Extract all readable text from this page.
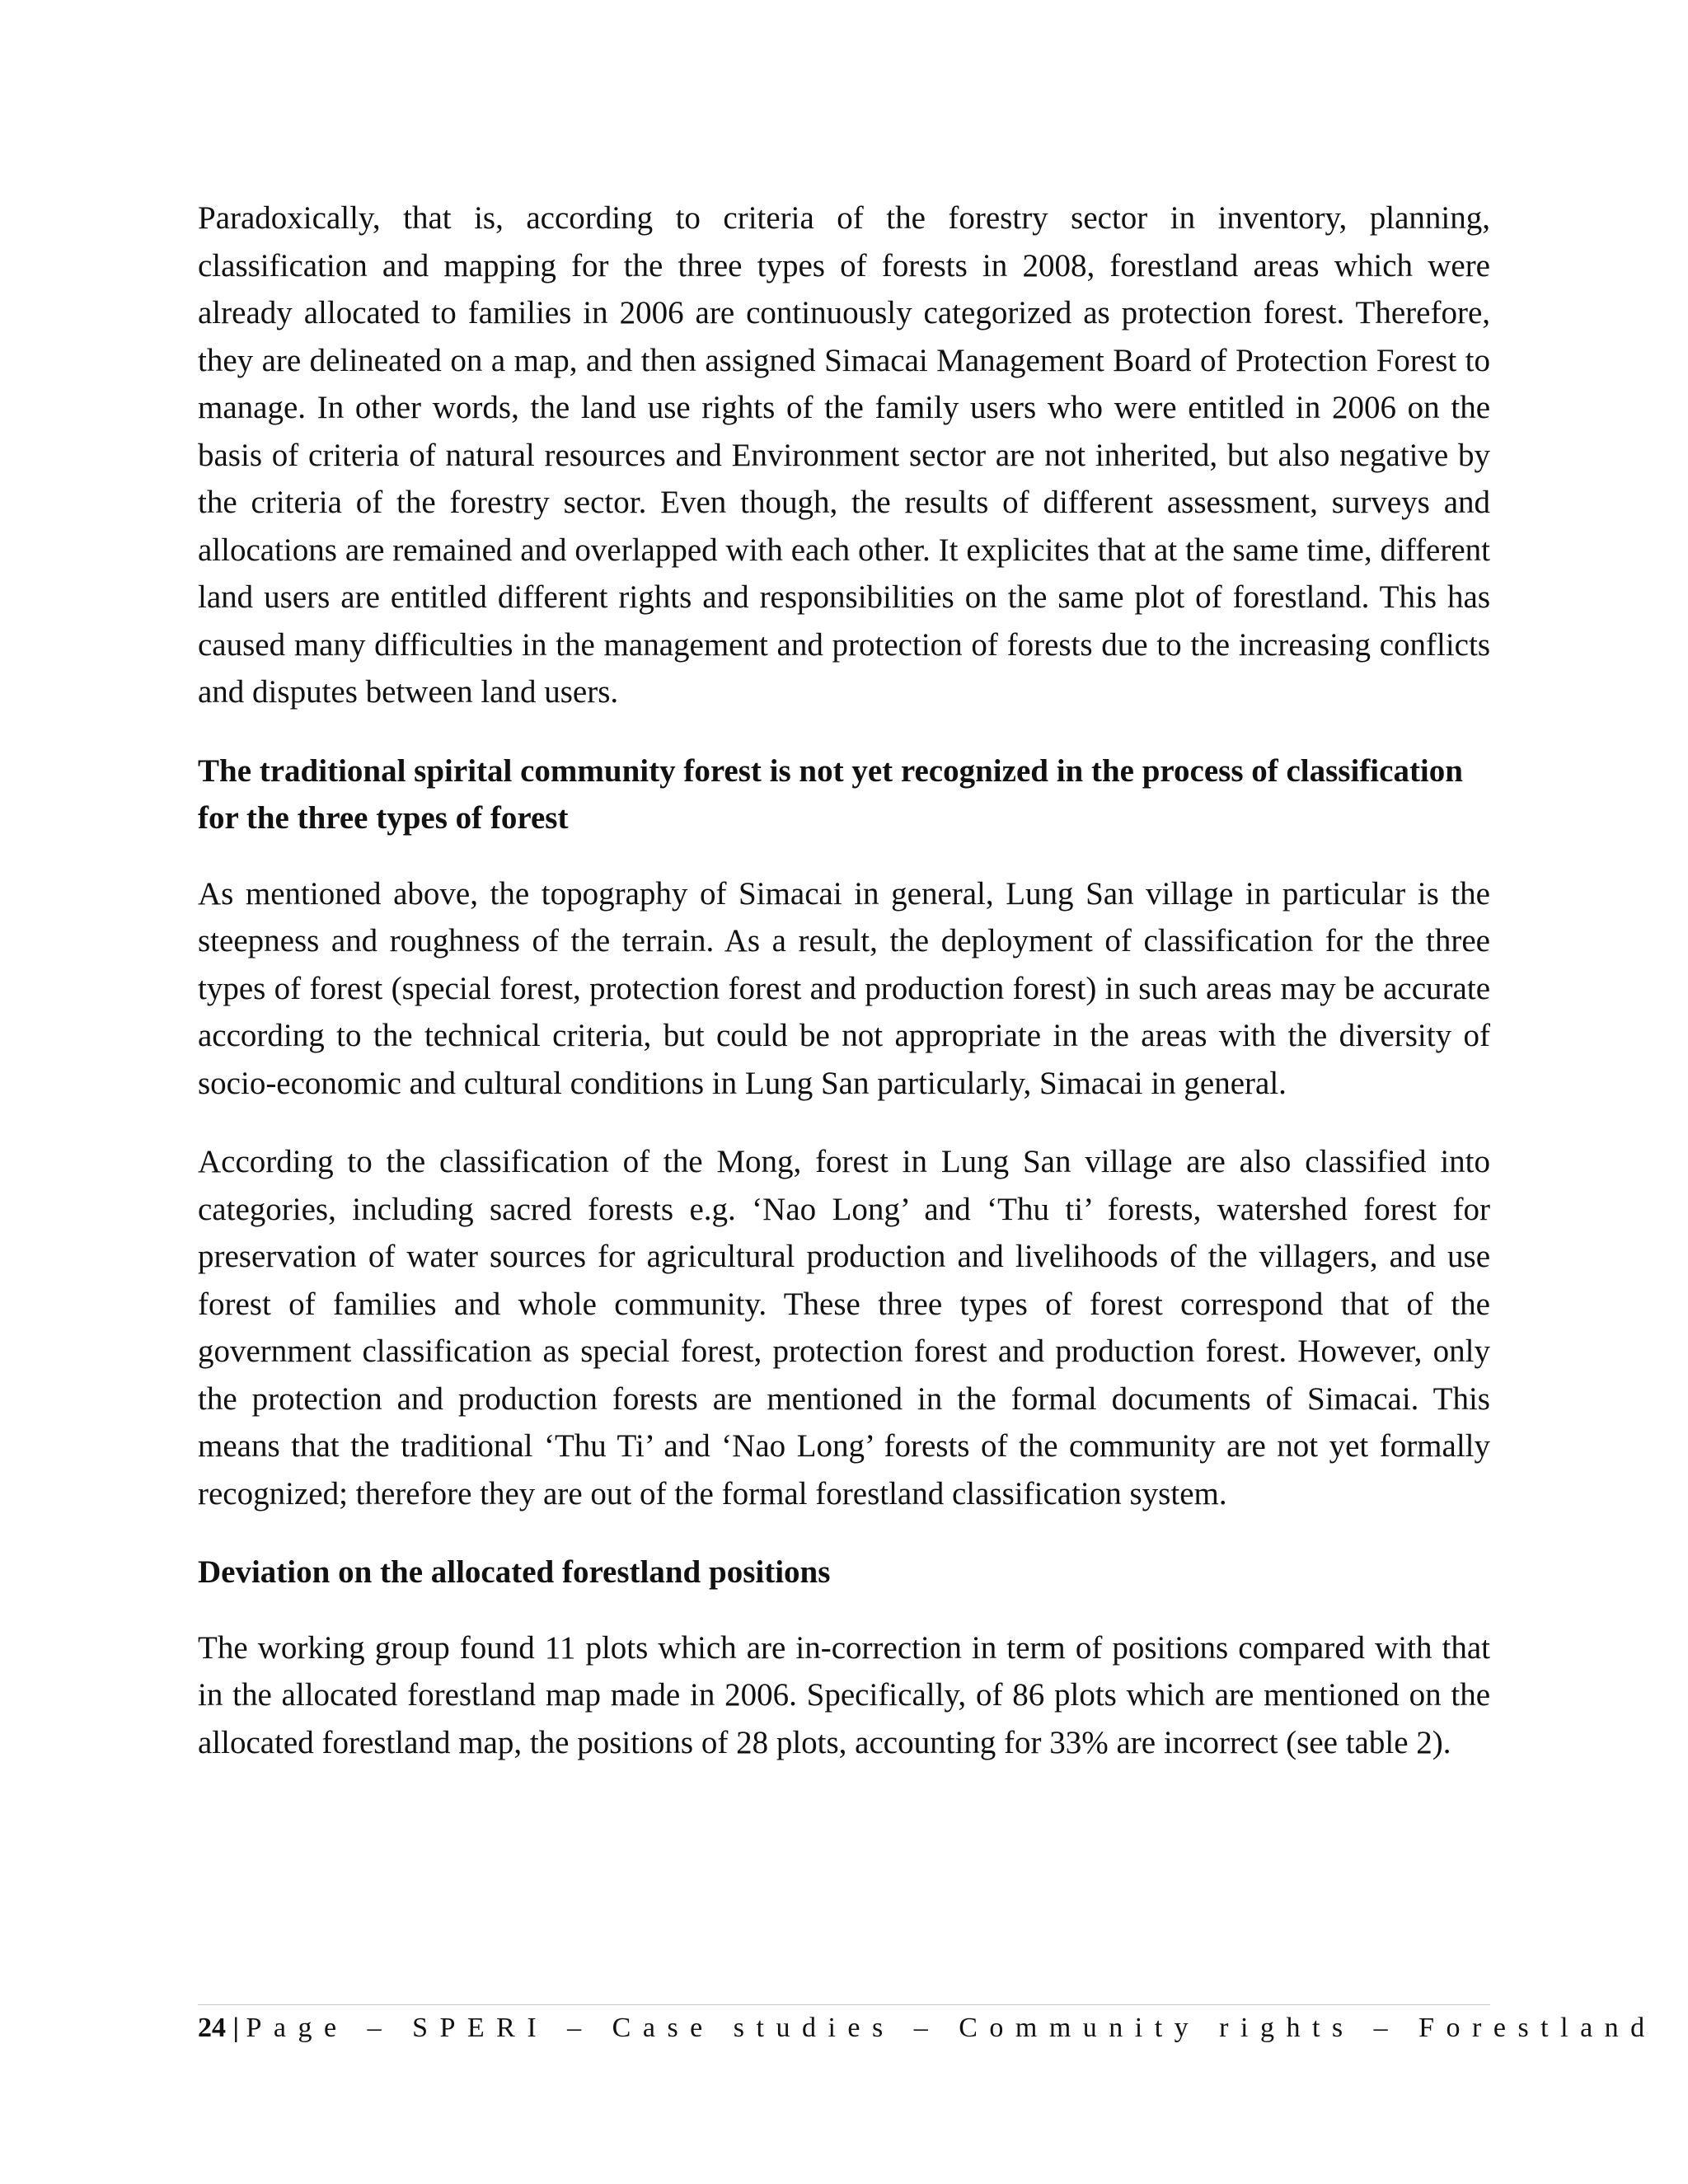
Paradoxically, that is, according to criteria of the forestry sector in inventory, planning, classification and mapping for the three types of forests in 2008, forestland areas which were already allocated to families in 2006 are continuously categorized as protection forest. Therefore, they are delineated on a map, and then assigned Simacai Management Board of Protection Forest to manage. In other words, the land use rights of the family users who were entitled in 2006 on the basis of criteria of natural resources and Environment sector are not inherited, but also negative by the criteria of the forestry sector. Even though, the results of different assessment, surveys and allocations are remained and overlapped with each other. It explicites that at the same time, different land users are entitled different rights and responsibilities on the same plot of forestland. This has caused many difficulties in the management and protection of forests due to the increasing conflicts and disputes between land users.

The traditional spirital community forest is not yet recognized in the process of classification for the three types of forest

As mentioned above, the topography of Simacai in general, Lung San village in particular is the steepness and roughness of the terrain. As a result, the deployment of classification for the three types of forest (special forest, protection forest and production forest) in such areas may be accurate according to the technical criteria, but could be not appropriate in the areas with the diversity of socio-economic and cultural conditions in Lung San particularly, Simacai in general.

According to the classification of the Mong, forest in Lung San village are also classified into categories, including sacred forests e.g. ‘Nao Long’ and ‘Thu ti’ forests, watershed forest for preservation of water sources for agricultural production and livelihoods of the villagers, and use forest of families and whole community. These three types of forest correspond that of the government classification as special forest, protection forest and production forest. However, only the protection and production forests are mentioned in the formal documents of Simacai. This means that the traditional ‘Thu Ti’ and ‘Nao Long’ forests of the community are not yet formally recognized; therefore they are out of the formal forestland classification system.

Deviation on the allocated forestland positions

The working group found 11 plots which are in-correction in term of positions compared with that in the allocated forestland map made in 2006. Specifically, of 86 plots which are mentioned on the allocated forestland map, the positions of 28 plots, accounting for 33% are incorrect (see table 2).

24 | Page – SPERI – Case studies – Community rights – Forestland
